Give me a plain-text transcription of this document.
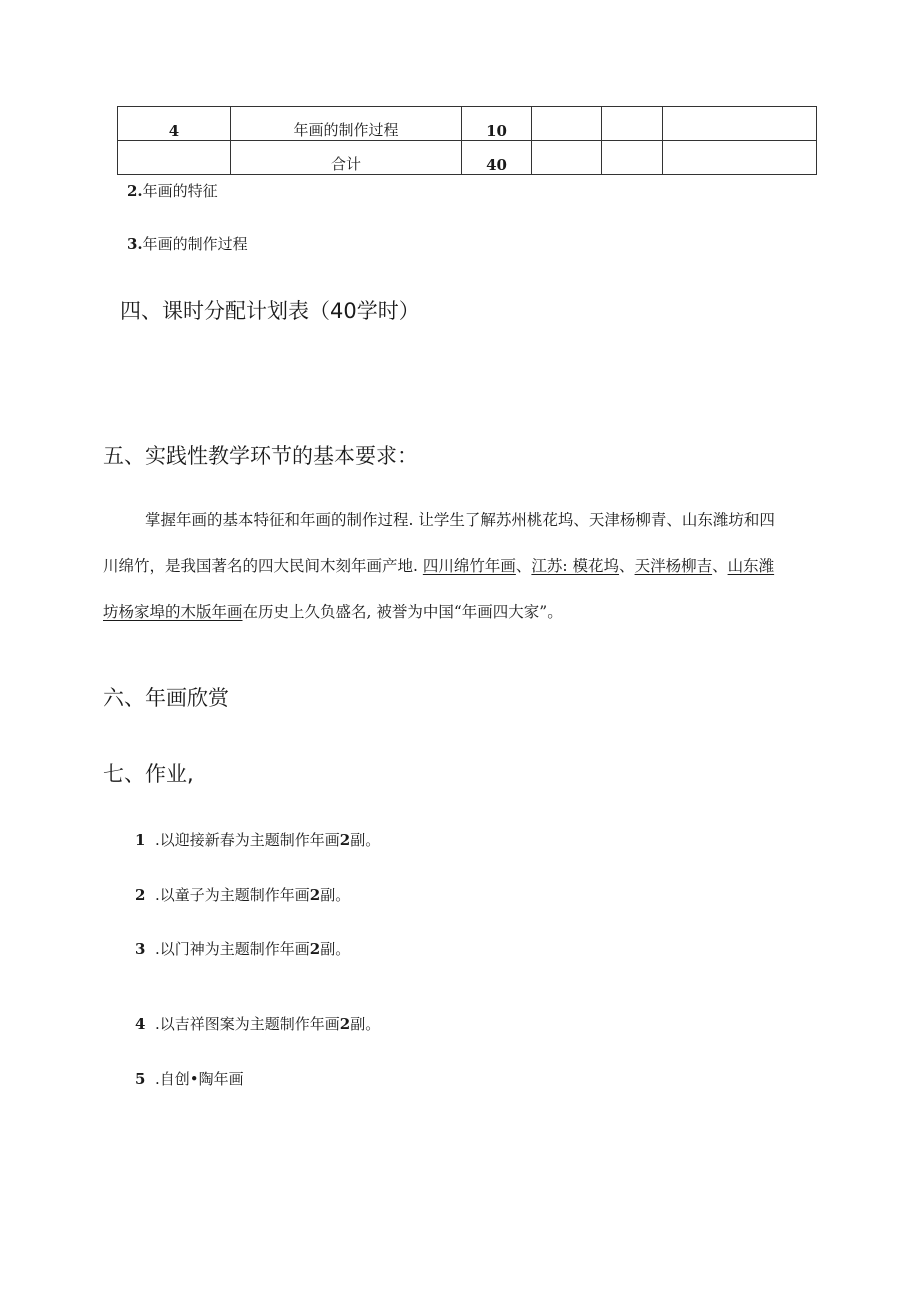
4	年画的制作过程	10			
	合计	40			
2.年画的特征
3.年画的制作过程
四、课时分配计划表（40学时）
五、实践性教学环节的基本要求：
掌握年画的基本特征和年画的制作过程. 让学生了解苏州桃花坞、天津杨柳青、山东潍坊和四
川绵竹，是我国著名的四大民间木刻年画产地. 四川绵竹年画、江苏: 模花坞、天泮杨柳吉、山东潍
坊杨家埠的木版年画在历史上久负盛名, 被誉为中国“年画四大家”。
六、年画欣赏
七、作业,
1 .以迎接新春为主题制作年画2副。
2 .以童子为主题制作年画2副。
3 .以门神为主题制作年画2副。
4 .以吉祥图案为主题制作年画2副。
5 .自创•陶年画
